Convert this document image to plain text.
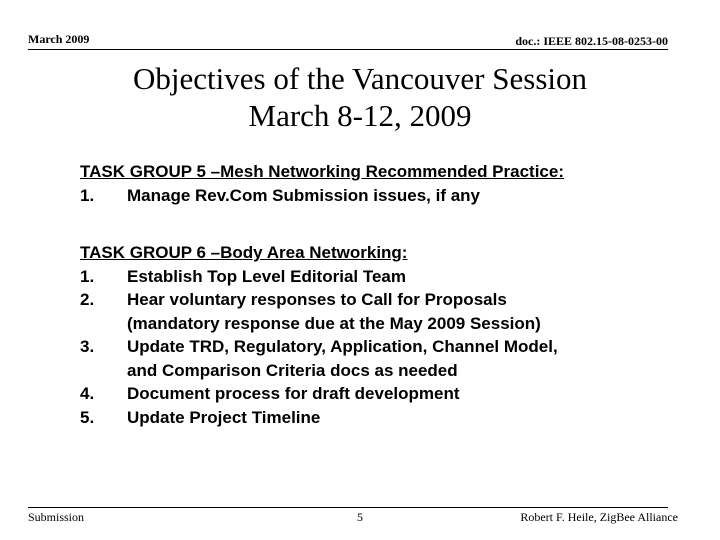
March 2009	doc.: IEEE 802.15-08-0253-00
Objectives of the Vancouver Session
March 8-12, 2009
TASK GROUP 5 –Mesh Networking Recommended Practice:
1.	Manage Rev.Com Submission issues, if any
TASK GROUP 6 –Body Area Networking:
1.	Establish Top Level Editorial Team
2.	Hear voluntary responses to Call for Proposals
(mandatory response due at the May 2009 Session)
3.	Update TRD, Regulatory, Application, Channel Model,
and Comparison Criteria docs as needed
4.	Document process for draft development
5.	Update Project Timeline
Submission	5	Robert F. Heile, ZigBee Alliance
